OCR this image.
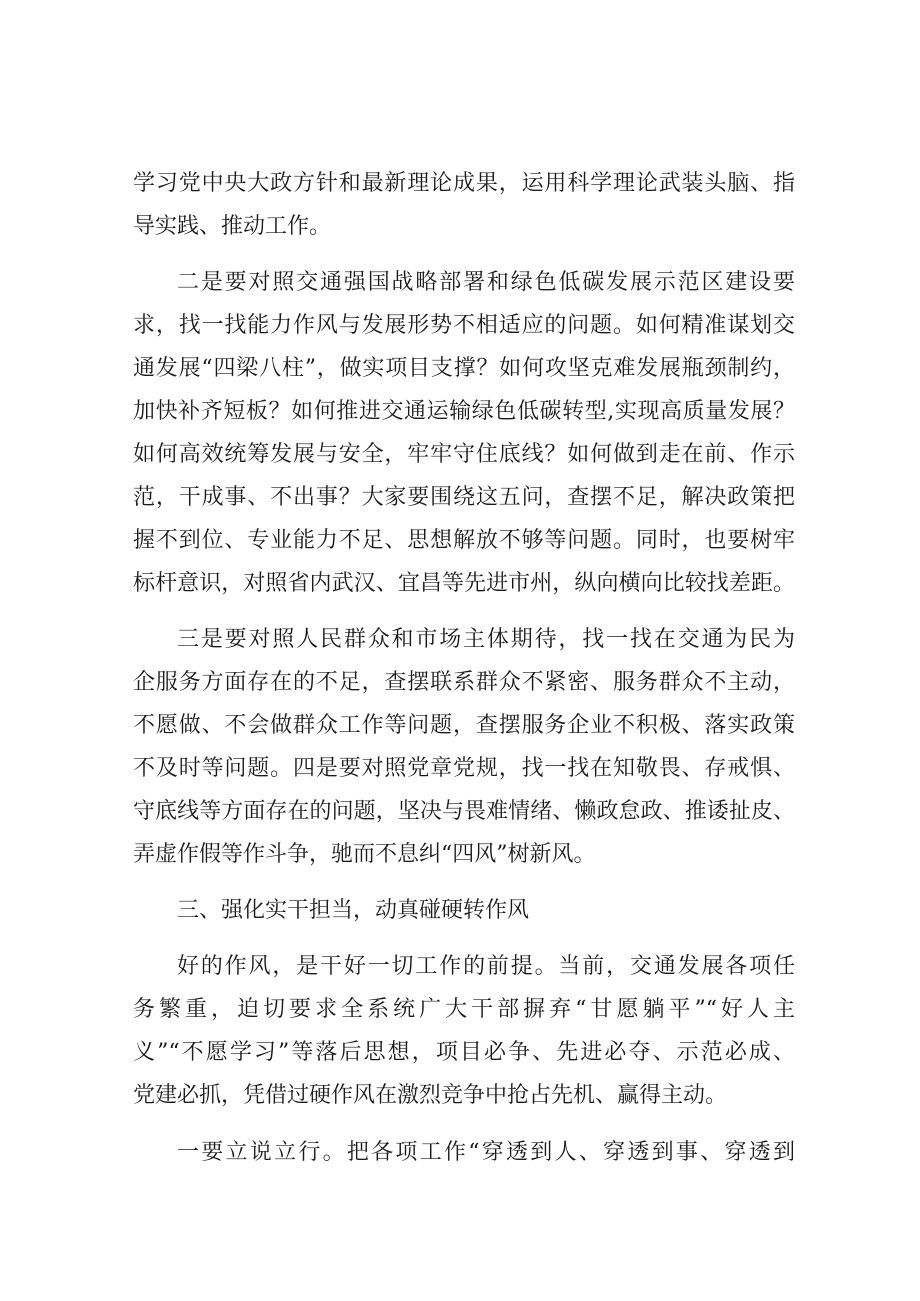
学习党中央大政方针和最新理论成果，运用科学理论武装头脑、指
导实践、推动工作。
二是要对照交通强国战略部署和绿色低碳发展示范区建设要
求，找一找能力作风与发展形势不相适应的问题。如何精准谋划交
通发展“四梁八柱”，做实项目支撑？如何攻坚克难发展瓶颈制约，
加快补齐短板？如何推进交通运输绿色低碳转型,实现高质量发展？
如何高效统筹发展与安全，牢牢守住底线？如何做到走在前、作示
范，干成事、不出事？大家要围绕这五问，查摆不足，解决政策把
握不到位、专业能力不足、思想解放不够等问题。同时，也要树牢
标杆意识，对照省内武汉、宜昌等先进市州，纵向横向比较找差距。
三是要对照人民群众和市场主体期待，找一找在交通为民为
企服务方面存在的不足，查摆联系群众不紧密、服务群众不主动，
不愿做、不会做群众工作等问题，查摆服务企业不积极、落实政策
不及时等问题。四是要对照党章党规，找一找在知敬畏、存戒惧、
守底线等方面存在的问题，坚决与畏难情绪、懒政怠政、推诿扯皮、
弄虚作假等作斗争，驰而不息纠“四风”树新风。
三、强化实干担当，动真碰硬转作风
好的作风，是干好一切工作的前提。当前，交通发展各项任
务繁重，迫切要求全系统广大干部摒弃“甘愿躺平”“好人主
义”“不愿学习”等落后思想，项目必争、先进必夺、示范必成、
党建必抓，凭借过硬作风在激烈竞争中抢占先机、赢得主动。
一要立说立行。把各项工作“穿透到人、穿透到事、穿透到
